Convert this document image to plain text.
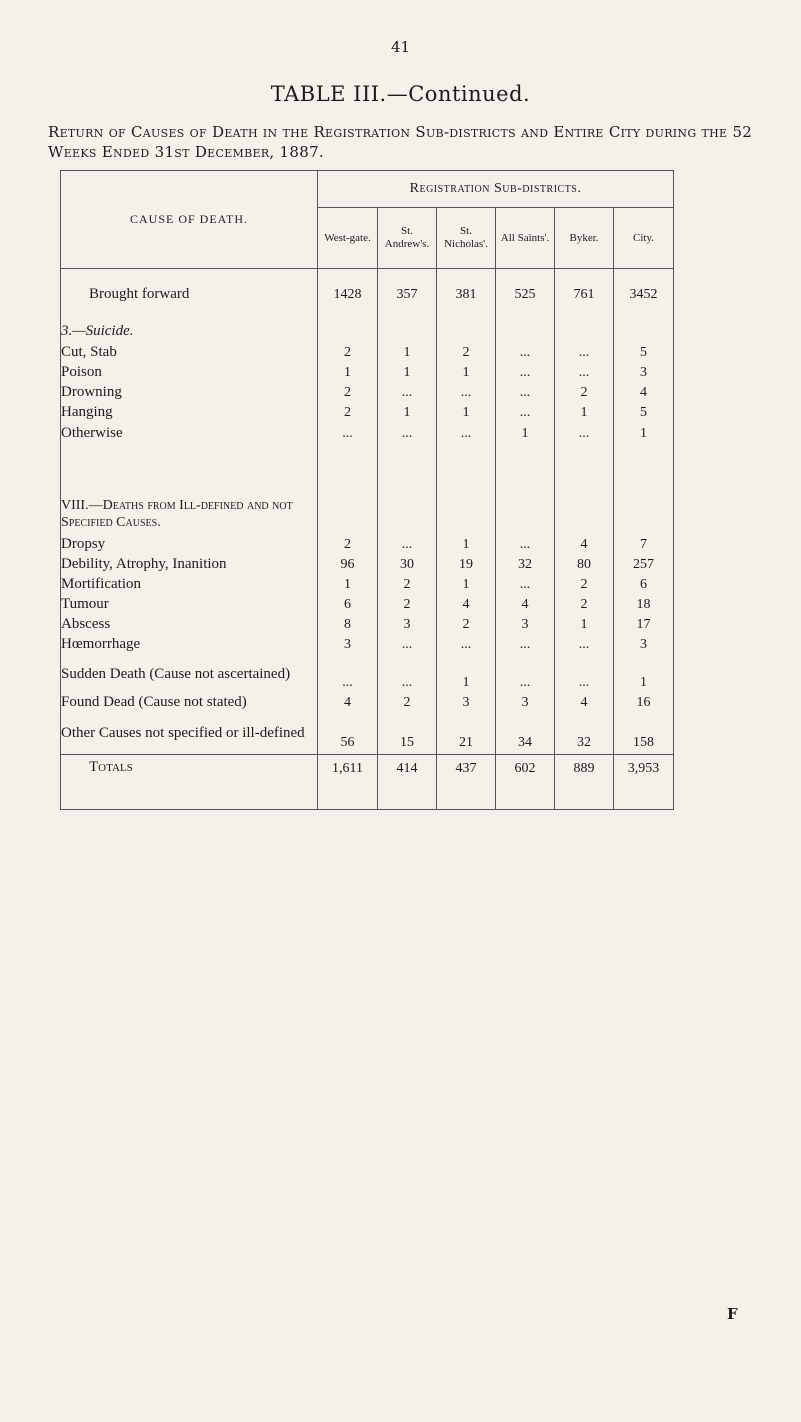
41
TABLE III.—Continued.
Return of Causes of Death in the Registration Sub-districts and Entire City during the 52 Weeks Ended 31st December, 1887.
CAUSE OF DEATH.	Registration Sub-districts.					
	West-gate.	St. Andrew's.	St. Nicholas'.	All Saints'.	Byker.	City.
Brought forward	1428	357	381	525	761	3452
3.—Suicide.						
Cut, Stab	2	1	2	...	...	5
Poison	1	1	1	...	...	3
Drowning	2	...	...	...	2	4
Hanging	2	1	1	...	1	5
Otherwise	...	...	...	1	...	1
VIII.—Deaths from Ill-defined and not Specified Causes.						
Dropsy	2	...	1	...	4	7
Debility, Atrophy, Inanition	96	30	19	32	80	257
Mortification	1	2	1	...	2	6
Tumour	6	2	4	4	2	18
Abscess	8	3	2	3	1	17
Hœmorrhage	3	...	...	...	...	3
Sudden Death (Cause not ascertained)	...	...	1	...	...	1
Found Dead (Cause not stated)	4	2	3	3	4	16
Other Causes not specified or ill-defined	56	15	21	34	32	158
Totals	1,611	414	437	602	889	3,953
F
